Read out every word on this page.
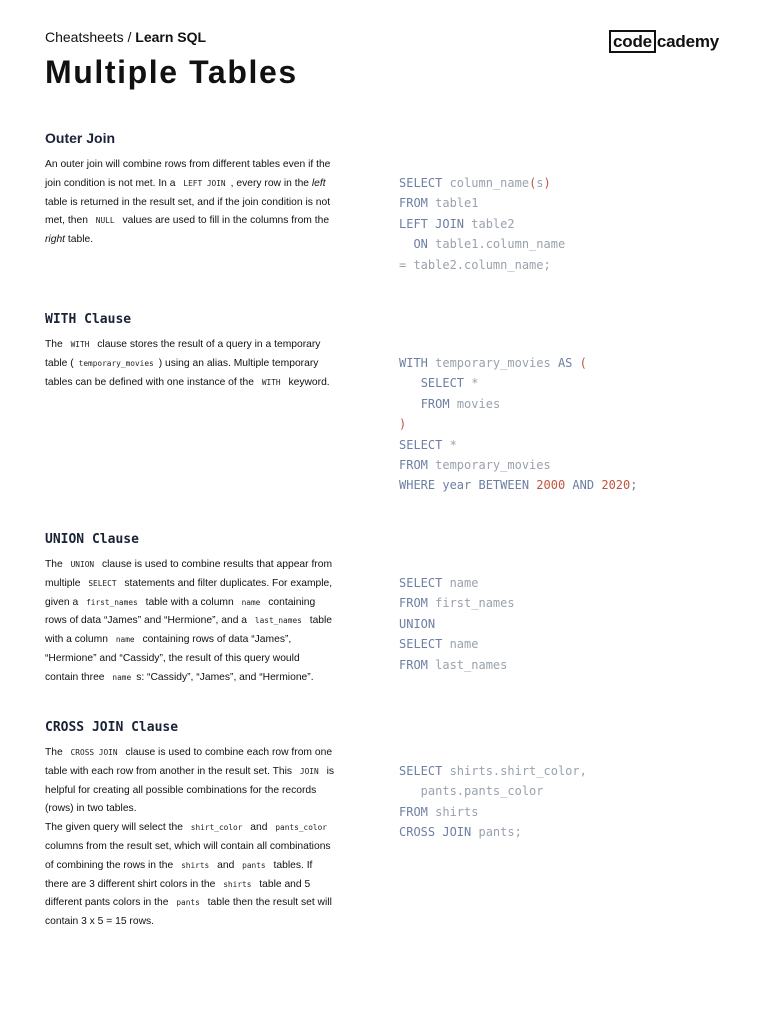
Cheatsheets / Learn SQL	code cademy
Multiple Tables
Outer Join

An outer join will combine rows from different tables even if the join condition is not met. In a LEFT JOIN , every row in the left table is returned in the result set, and if the join condition is not met, then NULL values are used to fill in the columns from the right table.

SELECT column_name(s)
FROM table1
LEFT JOIN table2
ON table1.column_name
= table2.column_name;
WITH Clause

The WITH clause stores the result of a query in a temporary table ( temporary_movies ) using an alias. Multiple temporary tables can be defined with one instance of the WITH keyword.

WITH temporary_movies AS (
SELECT *
FROM movies
)
SELECT *
FROM temporary_movies
WHERE year BETWEEN 2000 AND 2020;
UNION Clause

The UNION clause is used to combine results that appear from multiple SELECT statements and filter duplicates. For example, given a first_names table with a column name containing rows of data “James” and “Hermione”, and a last_names table with a column name containing rows of data “James”, “Hermione” and “Cassidy”, the result of this query would contain three name s: “Cassidy”, “James”, and “Hermione”.

SELECT name
FROM first_names
UNION
SELECT name
FROM last_names
CROSS JOIN Clause

The CROSS JOIN clause is used to combine each row from one table with each row from another in the result set. This JOIN is helpful for creating all possible combinations for the records (rows) in two tables.

The given query will select the shirt_color and pants_color columns from the result set, which will contain all combinations of combining the rows in the shirts and pants tables. If there are 3 different shirt colors in the shirts table and 5 different pants colors in the pants table then the result set will contain 3 x 5 = 15 rows.

SELECT shirts.shirt_color,
pants.pants_color
FROM shirts
CROSS JOIN pants;
